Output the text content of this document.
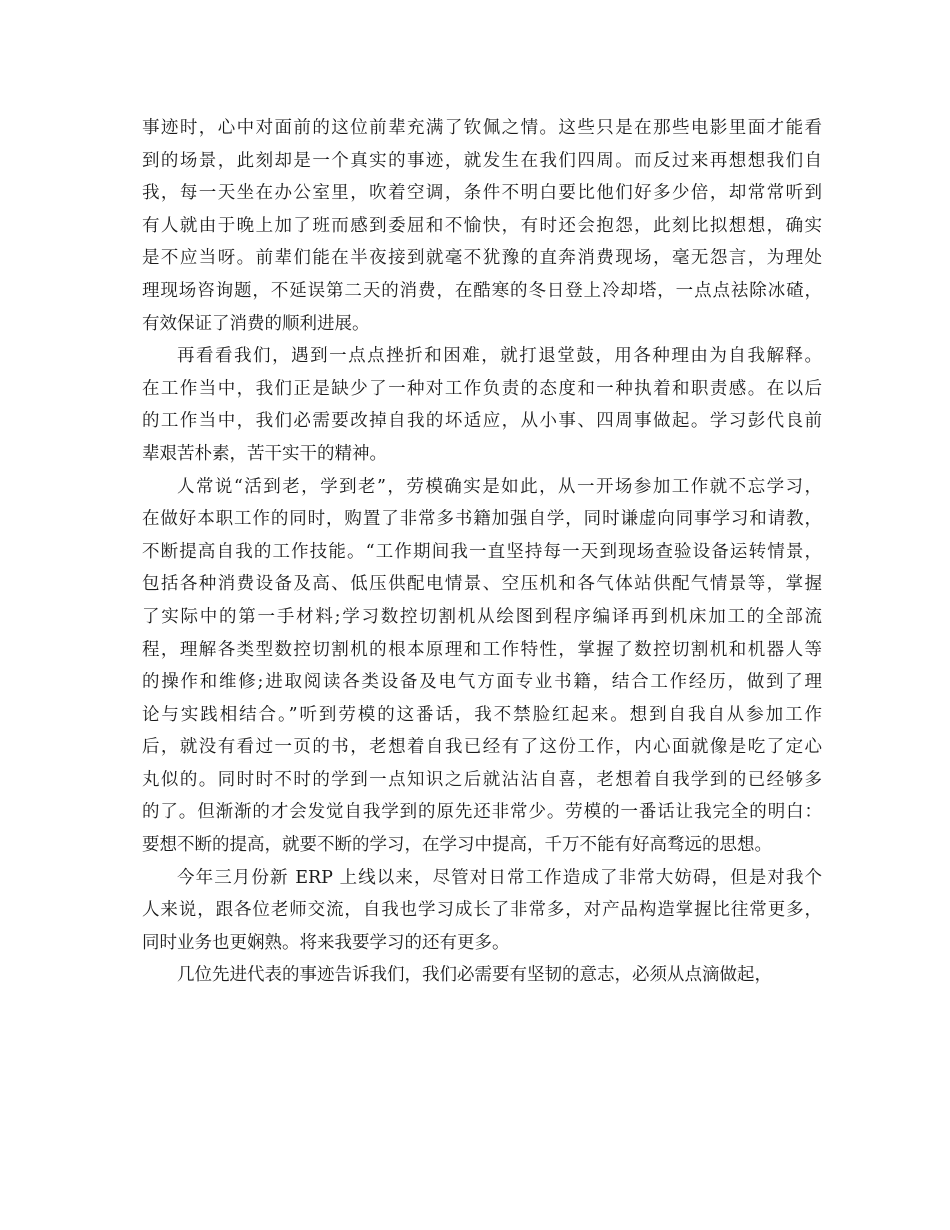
事迹时，心中对面前的这位前辈充满了钦佩之情。这些只是在那些电影里面才能看
到的场景，此刻却是一个真实的事迹，就发生在我们四周。而反过来再想想我们自
我，每一天坐在办公室里，吹着空调，条件不明白要比他们好多少倍，却常常听到
有人就由于晚上加了班而感到委屈和不愉快，有时还会抱怨，此刻比拟想想，确实
是不应当呀。前辈们能在半夜接到就毫不犹豫的直奔消费现场，毫无怨言，为理处
理现场咨询题，不延误第二天的消费，在酷寒的冬日登上冷却塔，一点点祛除冰碴，
有效保证了消费的顺利进展。

再看看我们，遇到一点点挫折和困难，就打退堂鼓，用各种理由为自我解释。
在工作当中，我们正是缺少了一种对工作负责的态度和一种执着和职责感。在以后
的工作当中，我们必需要改掉自我的坏适应，从小事、四周事做起。学习彭代良前
辈艰苦朴素，苦干实干的精神。

人常说“活到老，学到老”，劳模确实是如此，从一开场参加工作就不忘学习，
在做好本职工作的同时，购置了非常多书籍加强自学，同时谦虚向同事学习和请教，
不断提高自我的工作技能。“工作期间我一直坚持每一天到现场查验设备运转情景，
包括各种消费设备及高、低压供配电情景、空压机和各气体站供配气情景等，掌握
了实际中的第一手材料;学习数控切割机从绘图到程序编译再到机床加工的全部流
程，理解各类型数控切割机的根本原理和工作特性，掌握了数控切割机和机器人等
的操作和维修;进取阅读各类设备及电气方面专业书籍，结合工作经历，做到了理
论与实践相结合。”听到劳模的这番话，我不禁脸红起来。想到自我自从参加工作
后，就没有看过一页的书，老想着自我已经有了这份工作，内心面就像是吃了定心
丸似的。同时时不时的学到一点知识之后就沾沾自喜，老想着自我学到的已经够多
的了。但渐渐的才会发觉自我学到的原先还非常少。劳模的一番话让我完全的明白：
要想不断的提高，就要不断的学习，在学习中提高，千万不能有好高骛远的思想。

今年三月份新 ERP 上线以来，尽管对日常工作造成了非常大妨碍，但是对我个
人来说，跟各位老师交流，自我也学习成长了非常多，对产品构造掌握比往常更多，
同时业务也更娴熟。将来我要学习的还有更多。

几位先进代表的事迹告诉我们，我们必需要有坚韧的意志，必须从点滴做起，
